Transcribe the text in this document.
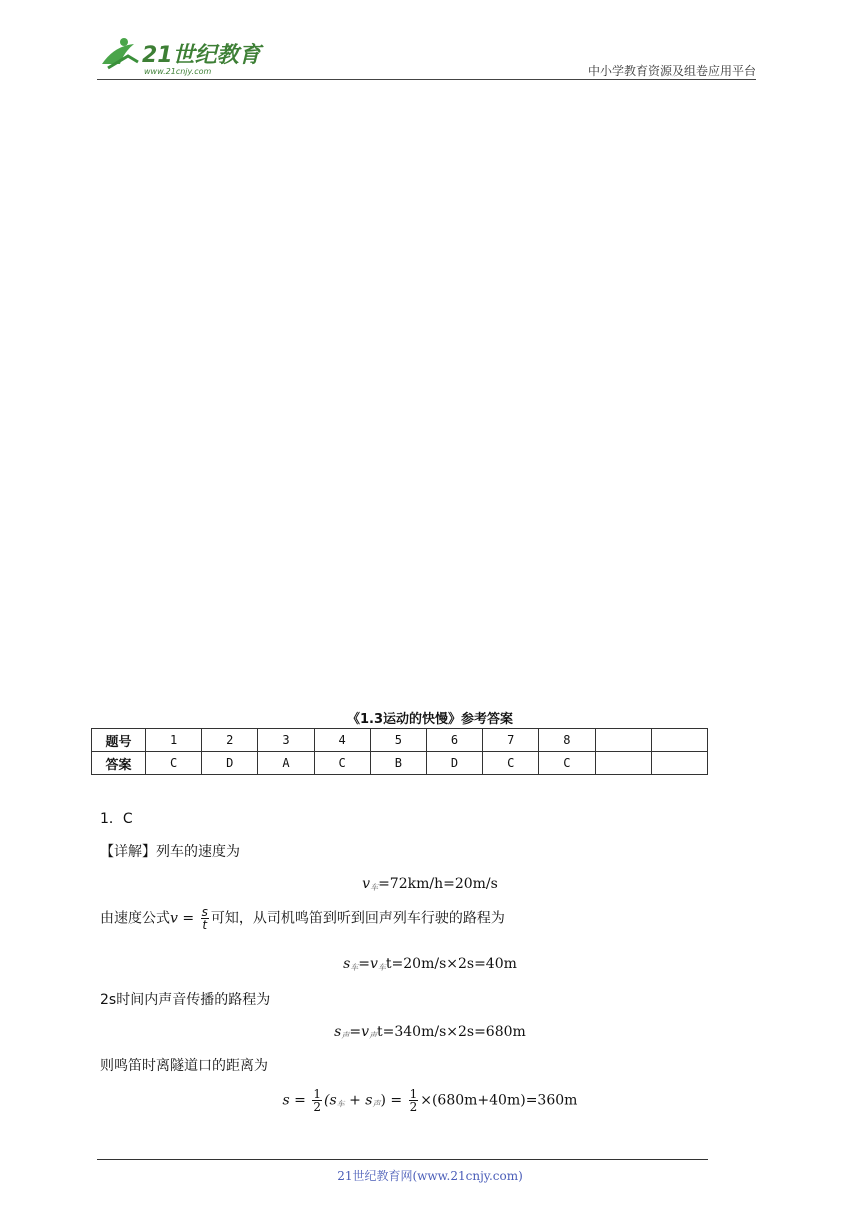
21世纪教育
www.21cnjy.com	中小学教育资源及组卷应用平台
《1.3运动的快慢》参考答案
题号	1	2	3	4	5	6	7	8		
答案	C	D	A	C	B	D	C	C		
1．C
【详解】列车的速度为
$v_车=72km/h=20m/s$
由速度公式$v = \frac{s}{t}$ 可知，从司机鸣笛到听到回声列车行驶的路程为
$s_车=v_车t=20m/s\times 2s=40m$
2s时间内声音传播的路程为
$s_声=v_声t=340m/s\times 2s=680m$
则鸣笛时离隧道口的距离为
$s = \frac{1}{2} (s_车 + s_声) = \frac{1}{2} \times(680m+40m)=360m$
21世纪教育网(www.21cnjy.com)
